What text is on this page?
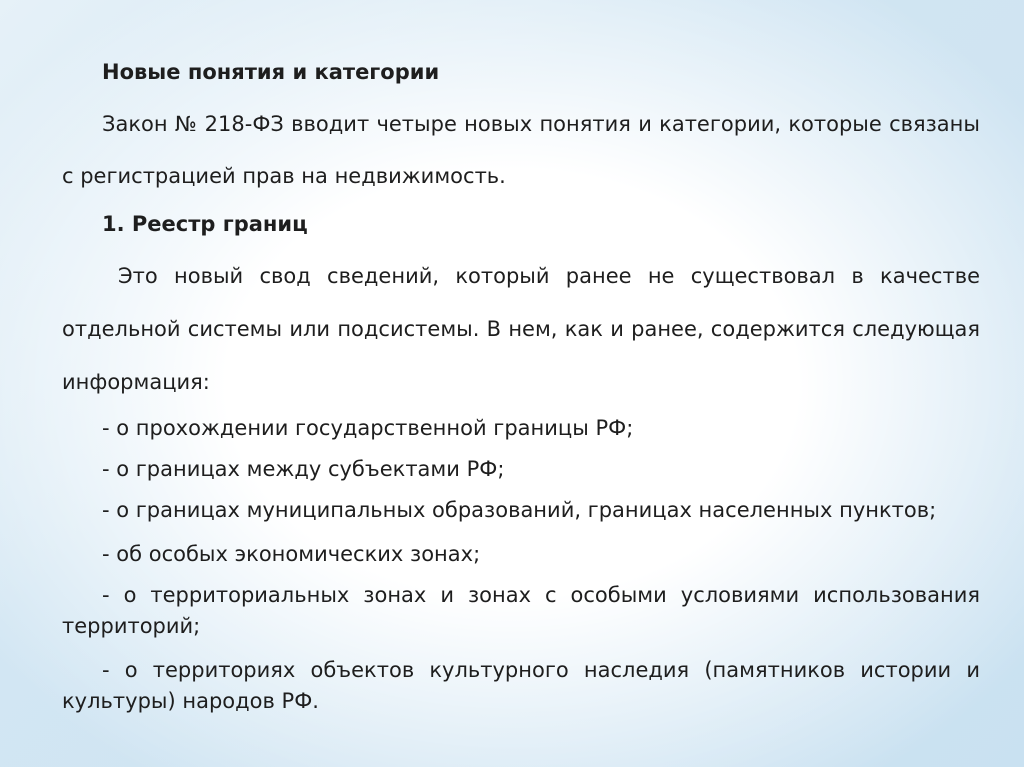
Новые понятия и категории

Закон № 218-ФЗ вводит четыре новых понятия и категории, которые связаны с регистрацией прав на недвижимость.

1. Реестр границ

Это новый свод сведений, который ранее не существовал в качестве отдельной системы или подсистемы. В нем, как и ранее, содержится следующая информация:

- о прохождении государственной границы РФ;

- о границах между субъектами РФ;

- о границах муниципальных образований, границах населенных пунктов;

- об особых экономических зонах;

- о территориальных зонах и зонах с особыми условиями использования территорий;

- о территориях объектов культурного наследия (памятников истории и культуры) народов РФ.
